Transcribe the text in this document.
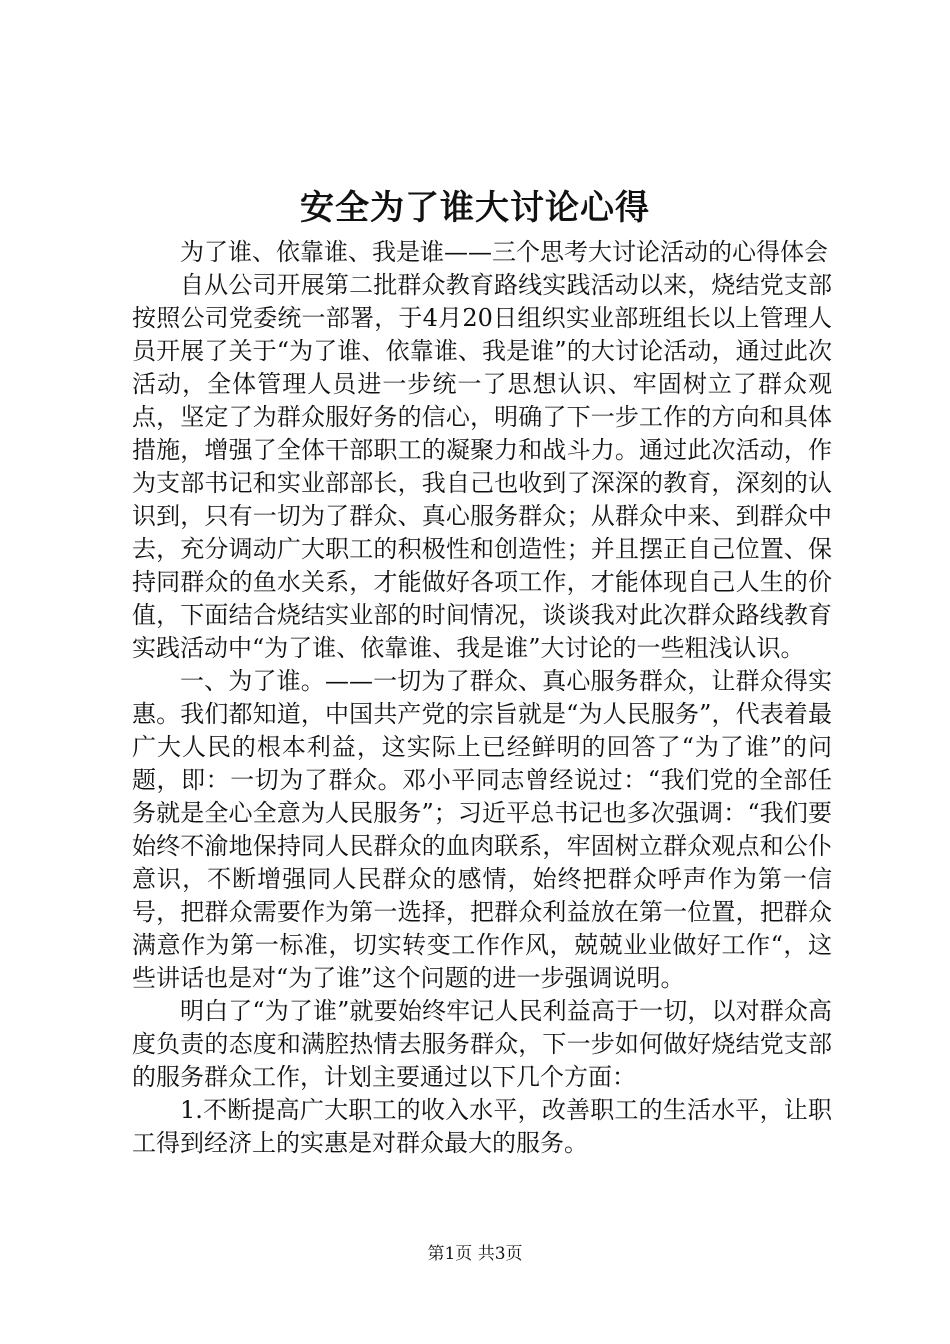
安全为了谁大讨论心得

为了谁、依靠谁、我是谁——三个思考大讨论活动的心得体会

自从公司开展第二批群众教育路线实践活动以来，烧结党支部按照公司党委统一部署，于4月20日组织实业部班组长以上管理人员开展了关于“为了谁、依靠谁、我是谁”的大讨论活动，通过此次活动，全体管理人员进一步统一了思想认识、牢固树立了群众观点，坚定了为群众服好务的信心，明确了下一步工作的方向和具体措施，增强了全体干部职工的凝聚力和战斗力。通过此次活动，作为支部书记和实业部部长，我自己也收到了深深的教育，深刻的认识到，只有一切为了群众、真心服务群众；从群众中来、到群众中去，充分调动广大职工的积极性和创造性；并且摆正自己位置、保持同群众的鱼水关系，才能做好各项工作，才能体现自己人生的价值，下面结合烧结实业部的时间情况，谈谈我对此次群众路线教育实践活动中“为了谁、依靠谁、我是谁”大讨论的一些粗浅认识。

一、为了谁。——一切为了群众、真心服务群众，让群众得实惠。我们都知道，中国共产党的宗旨就是“为人民服务”，代表着最广大人民的根本利益，这实际上已经鲜明的回答了“为了谁”的问题，即：一切为了群众。邓小平同志曾经说过：“我们党的全部任务就是全心全意为人民服务”；习近平总书记也多次强调：“我们要始终不渝地保持同人民群众的血肉联系，牢固树立群众观点和公仆意识，不断增强同人民群众的感情，始终把群众呼声作为第一信号，把群众需要作为第一选择，把群众利益放在第一位置，把群众满意作为第一标准，切实转变工作作风，兢兢业业做好工作“，这些讲话也是对“为了谁”这个问题的进一步强调说明。

明白了“为了谁”就要始终牢记人民利益高于一切，以对群众高度负责的态度和满腔热情去服务群众，下一步如何做好烧结党支部的服务群众工作，计划主要通过以下几个方面：

1.不断提高广大职工的收入水平，改善职工的生活水平，让职工得到经济上的实惠是对群众最大的服务。

第1页 共3页
